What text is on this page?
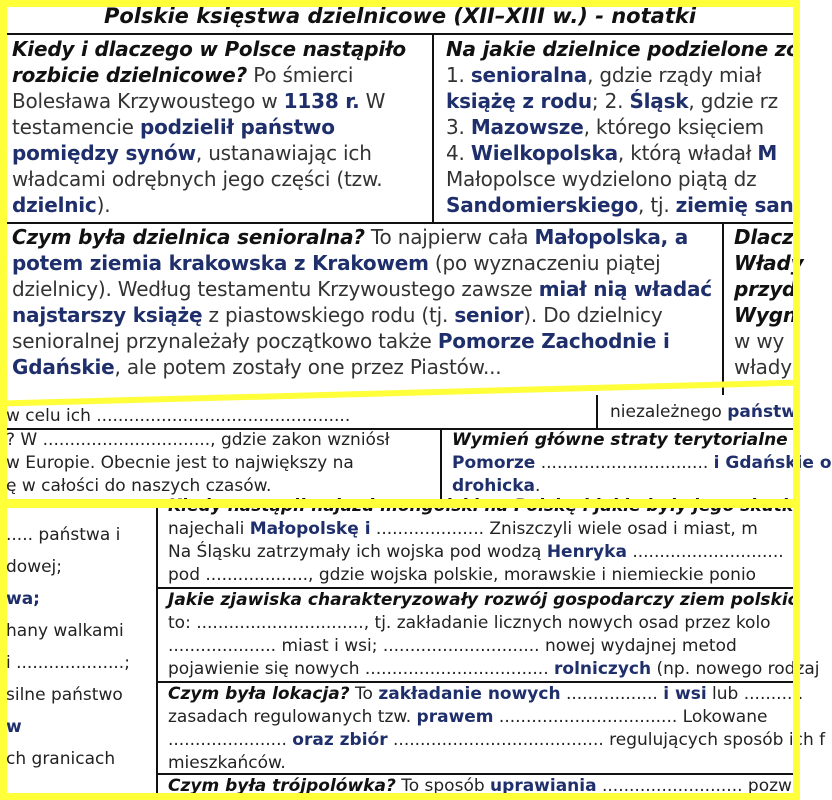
Polskie księstwa dzielnicowe (XII–XIII w.) - notatki
Kiedy i dlaczego w Polsce nastąpiło rozbicie dzielnicowe? Po śmierci Bolesława Krzywoustego w 1138 r. W testamencie podzielił państwo pomiędzy synów, ustanawiając ich władcami odrębnych jego części (tzw. dzielnic).
Na jakie dzielnice podzielone zo
1. senioralna, gdzie rządy miał
książę z rodu; 2. Śląsk, gdzie rz
3. Mazowsze, którego księciem
4. Wielkopolska, którą władał M
Małopolsce wydzielono piątą dz
Sandomierskiego, tj. ziemię san
Czym była dzielnica senioralna? To najpierw cała Małopolska, a potem ziemia krakowska z Krakowem (po wyznaczeniu piątej dzielnicy). Według testamentu Krzywoustego zawsze miał nią władać najstarszy książę z piastowskiego rodu (tj. senior). Do dzielnicy senioralnej przynależały początkowo także Pomorze Zachodnie i Gdańskie, ale potem zostały one przez Piastów...
Dlacz
Włady
przyd
Wygn
w wy
włady
w celu ich ...............................................	niezależnego państw
? W ..............................., gdzie zakon wzniósł
w Europie. Obecnie jest to największy na
ę w całości do naszych czasów.
Wymień główne straty terytorialne
Pomorze ............................... i Gdańskie o
drohicka.
..... państwa i
dowej;
wa;
hany walkami
i ....................;
silne państwo
w
ch granicach
najechali Małopolskę i .................... Zniszczyli wiele osad i miast, m
Na Śląsku zatrzymały ich wojska pod wodzą Henryka ............................
pod ..................., gdzie wojska polskie, morawskie i niemieckie ponio
Jakie zjawiska charakteryzowały rozwój gospodarczy ziem polskic
to: ..............................., tj. zakładanie licznych nowych osad przez kolo
.................... miast i wsi; ............................. nowej wydajnej metod
pojawienie się nowych .................................. rolniczych (np. nowego rodzaj
Czym była lokacja? To zakładanie nowych ................. i wsi lub ...........
zasadach regulowanych tzw. prawem ................................. Lokowane
...................... oraz zbiór ....................................... regulujących sposób ich f
mieszkańców.
Czym była trójpolówka? To sposób uprawiania .......................... pozw
